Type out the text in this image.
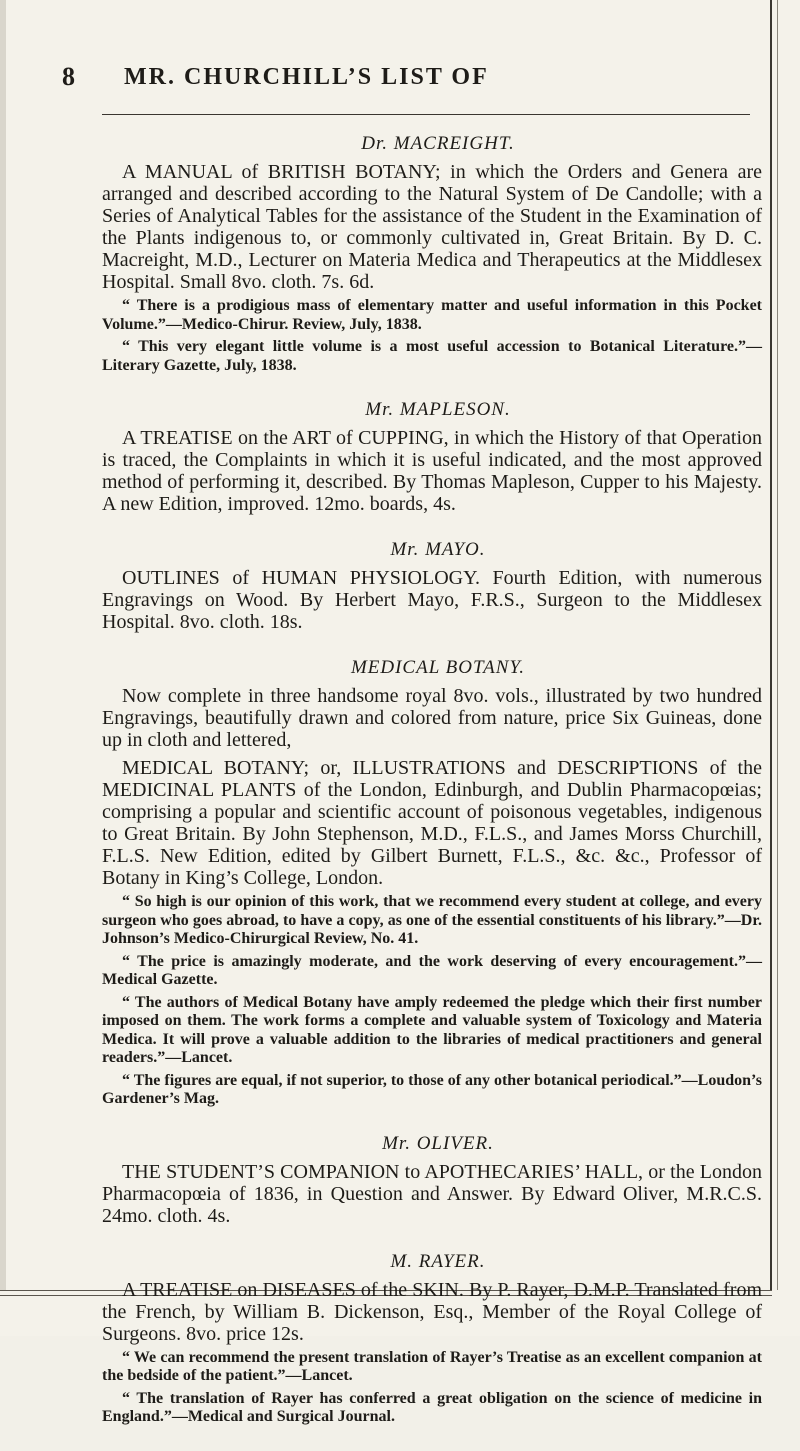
8 MR. CHURCHILL’S LIST OF
Dr. MACREIGHT.

A MANUAL of BRITISH BOTANY; in which the Orders and Genera are arranged and described according to the Natural System of De Candolle; with a Series of Analytical Tables for the assistance of the Student in the Examination of the Plants indigenous to, or commonly cultivated in, Great Britain. By D. C. Macreight, M.D., Lecturer on Materia Medica and Therapeutics at the Middlesex Hospital. Small 8vo. cloth. 7s. 6d.

“ There is a prodigious mass of elementary matter and useful information in this Pocket Volume.”—Medico-Chirur. Review, July, 1838.

“ This very elegant little volume is a most useful accession to Botanical Literature.”—Literary Gazette, July, 1838.

Mr. MAPLESON.

A TREATISE on the ART of CUPPING, in which the History of that Operation is traced, the Complaints in which it is useful indicated, and the most approved method of performing it, described. By Thomas Mapleson, Cupper to his Majesty. A new Edition, improved. 12mo. boards, 4s.

Mr. MAYO.

OUTLINES of HUMAN PHYSIOLOGY. Fourth Edition, with numerous Engravings on Wood. By Herbert Mayo, F.R.S., Surgeon to the Middlesex Hospital. 8vo. cloth. 18s.

MEDICAL BOTANY.

Now complete in three handsome royal 8vo. vols., illustrated by two hundred Engravings, beautifully drawn and colored from nature, price Six Guineas, done up in cloth and lettered,

MEDICAL BOTANY; or, ILLUSTRATIONS and DESCRIPTIONS of the MEDICINAL PLANTS of the London, Edinburgh, and Dublin Pharmacopœias; comprising a popular and scientific account of poisonous vegetables, indigenous to Great Britain. By John Stephenson, M.D., F.L.S., and James Morss Churchill, F.L.S. New Edition, edited by Gilbert Burnett, F.L.S., &c. &c., Professor of Botany in King’s College, London.

“ So high is our opinion of this work, that we recommend every student at college, and every surgeon who goes abroad, to have a copy, as one of the essential constituents of his library.”—Dr. Johnson’s Medico-Chirurgical Review, No. 41.

“ The price is amazingly moderate, and the work deserving of every encouragement.”—Medical Gazette.

“ The authors of Medical Botany have amply redeemed the pledge which their first number imposed on them. The work forms a complete and valuable system of Toxicology and Materia Medica. It will prove a valuable addition to the libraries of medical practitioners and general readers.”—Lancet.

“ The figures are equal, if not superior, to those of any other botanical periodical.”—Loudon’s Gardener’s Mag.

Mr. OLIVER.

THE STUDENT’S COMPANION to APOTHECARIES’ HALL, or the London Pharmacopœia of 1836, in Question and Answer. By Edward Oliver, M.R.C.S. 24mo. cloth. 4s.

M. RAYER.

A TREATISE on DISEASES of the SKIN. By P. Rayer, D.M.P. Translated from the French, by William B. Dickenson, Esq., Member of the Royal College of Surgeons. 8vo. price 12s.

“ We can recommend the present translation of Rayer’s Treatise as an excellent companion at the bedside of the patient.”—Lancet.

“ The translation of Rayer has conferred a great obligation on the science of medicine in England.”—Medical and Surgical Journal.
